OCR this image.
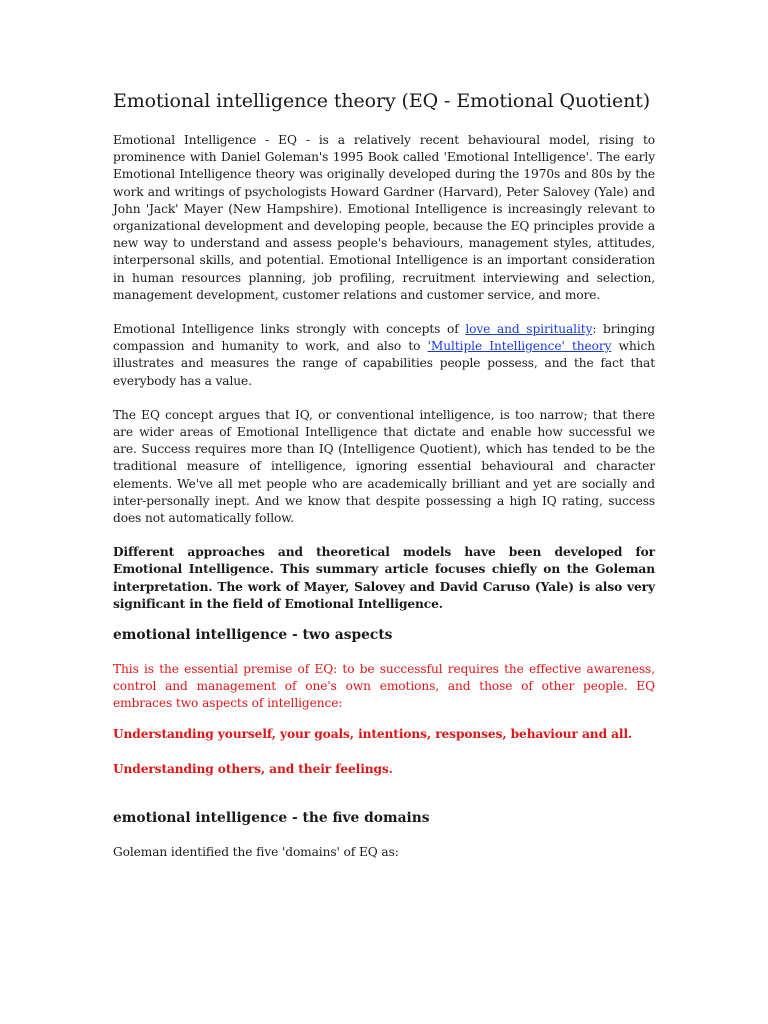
Emotional intelligence theory (EQ - Emotional Quotient)

Emotional Intelligence - EQ - is a relatively recent behavioural model, rising to prominence with Daniel Goleman's 1995 Book called 'Emotional Intelligence'. The early Emotional Intelligence theory was originally developed during the 1970s and 80s by the work and writings of psychologists Howard Gardner (Harvard), Peter Salovey (Yale) and John 'Jack' Mayer (New Hampshire). Emotional Intelligence is increasingly relevant to organizational development and developing people, because the EQ principles provide a new way to understand and assess people's behaviours, management styles, attitudes, interpersonal skills, and potential. Emotional Intelligence is an important consideration in human resources planning, job profiling, recruitment interviewing and selection, management development, customer relations and customer service, and more.

Emotional Intelligence links strongly with concepts of love and spirituality: bringing compassion and humanity to work, and also to 'Multiple Intelligence' theory which illustrates and measures the range of capabilities people possess, and the fact that everybody has a value.

The EQ concept argues that IQ, or conventional intelligence, is too narrow; that there are wider areas of Emotional Intelligence that dictate and enable how successful we are. Success requires more than IQ (Intelligence Quotient), which has tended to be the traditional measure of intelligence, ignoring essential behavioural and character elements. We've all met people who are academically brilliant and yet are socially and inter-personally inept. And we know that despite possessing a high IQ rating, success does not automatically follow.

Different approaches and theoretical models have been developed for Emotional Intelligence. This summary article focuses chiefly on the Goleman interpretation. The work of Mayer, Salovey and David Caruso (Yale) is also very significant in the field of Emotional Intelligence.

emotional intelligence - two aspects

This is the essential premise of EQ: to be successful requires the effective awareness, control and management of one's own emotions, and those of other people. EQ embraces two aspects of intelligence:

Understanding yourself, your goals, intentions, responses, behaviour and all.

Understanding others, and their feelings.

emotional intelligence - the five domains

Goleman identified the five 'domains' of EQ as:
